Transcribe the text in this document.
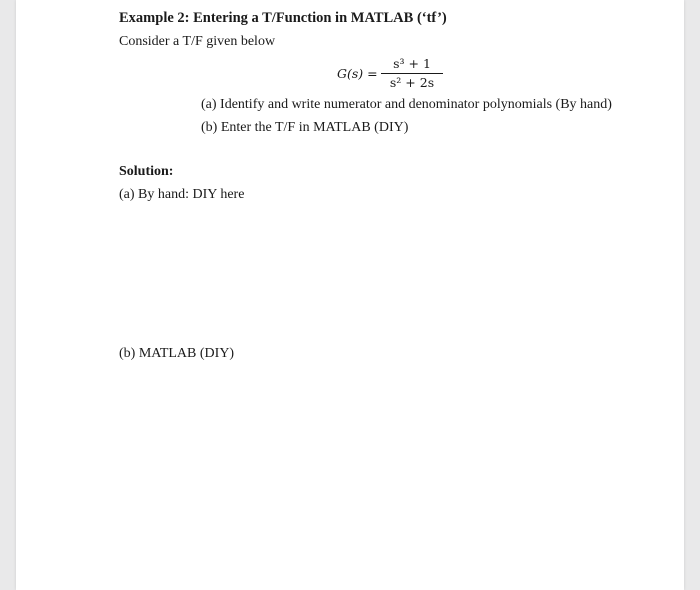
Example 2: Entering a T/Function in MATLAB (‘tf’)
Consider a T/F given below
G(s) =
s³ + 1
s² + 2s
(a) Identify and write numerator and denominator polynomials (By hand)
(b) Enter the T/F in MATLAB (DIY)
Solution:
(a) By hand: DIY here
(b) MATLAB (DIY)
